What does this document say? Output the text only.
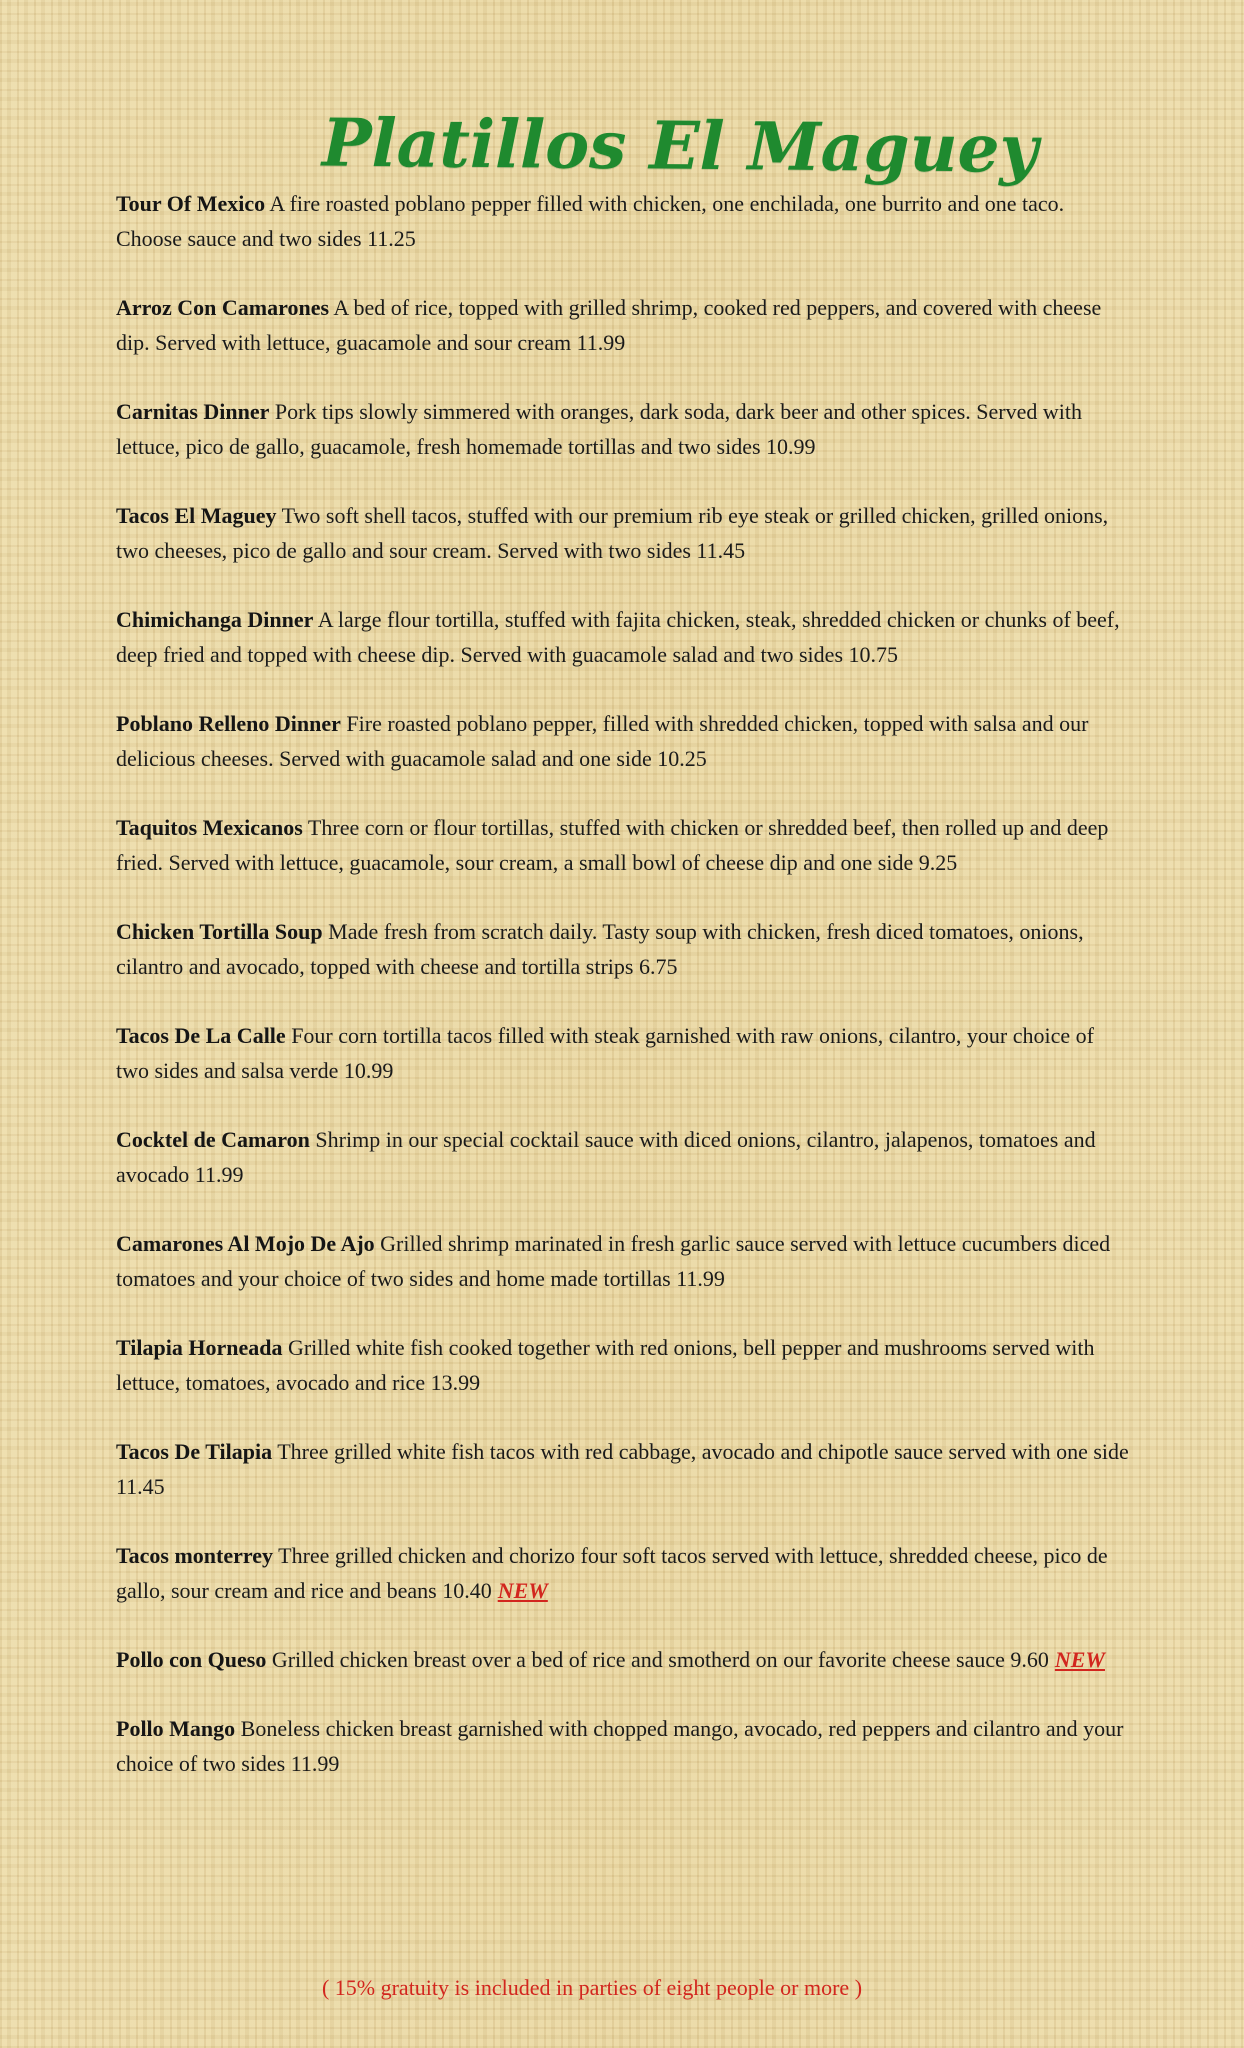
Platillos El Maguey

Tour Of Mexico A fire roasted poblano pepper filled with chicken, one enchilada, one burrito and one taco. Choose sauce and two sides 11.25

Arroz Con Camarones A bed of rice, topped with grilled shrimp, cooked red peppers, and covered with cheese dip. Served with lettuce, guacamole and sour cream 11.99

Carnitas Dinner Pork tips slowly simmered with oranges, dark soda, dark beer and other spices. Served with lettuce, pico de gallo, guacamole, fresh homemade tortillas and two sides 10.99

Tacos El Maguey Two soft shell tacos, stuffed with our premium rib eye steak or grilled chicken, grilled onions, two cheeses, pico de gallo and sour cream. Served with two sides 11.45

Chimichanga Dinner A large flour tortilla, stuffed with fajita chicken, steak, shredded chicken or chunks of beef, deep fried and topped with cheese dip. Served with guacamole salad and two sides 10.75

Poblano Relleno Dinner Fire roasted poblano pepper, filled with shredded chicken, topped with salsa and our delicious cheeses. Served with guacamole salad and one side 10.25

Taquitos Mexicanos Three corn or flour tortillas, stuffed with chicken or shredded beef, then rolled up and deep fried. Served with lettuce, guacamole, sour cream, a small bowl of cheese dip and one side 9.25

Chicken Tortilla Soup Made fresh from scratch daily. Tasty soup with chicken, fresh diced tomatoes, onions, cilantro and avocado, topped with cheese and tortilla strips 6.75

Tacos De La Calle Four corn tortilla tacos filled with steak garnished with raw onions, cilantro, your choice of two sides and salsa verde 10.99

Cocktel de Camaron Shrimp in our special cocktail sauce with diced onions, cilantro, jalapenos, tomatoes and avocado 11.99

Camarones Al Mojo De Ajo Grilled shrimp marinated in fresh garlic sauce served with lettuce cucumbers diced tomatoes and your choice of two sides and home made tortillas 11.99

Tilapia Horneada Grilled white fish cooked together with red onions, bell pepper and mushrooms served with lettuce, tomatoes, avocado and rice 13.99

Tacos De Tilapia Three grilled white fish tacos with red cabbage, avocado and chipotle sauce served with one side 11.45

Tacos monterrey Three grilled chicken and chorizo four soft tacos served with lettuce, shredded cheese, pico de gallo, sour cream and rice and beans 10.40 NEW

Pollo con Queso Grilled chicken breast over a bed of rice and smotherd on our favorite cheese sauce 9.60 NEW

Pollo Mango Boneless chicken breast garnished with chopped mango, avocado, red peppers and cilantro and your choice of two sides 11.99

( 15% gratuity is included in parties of eight people or more )
